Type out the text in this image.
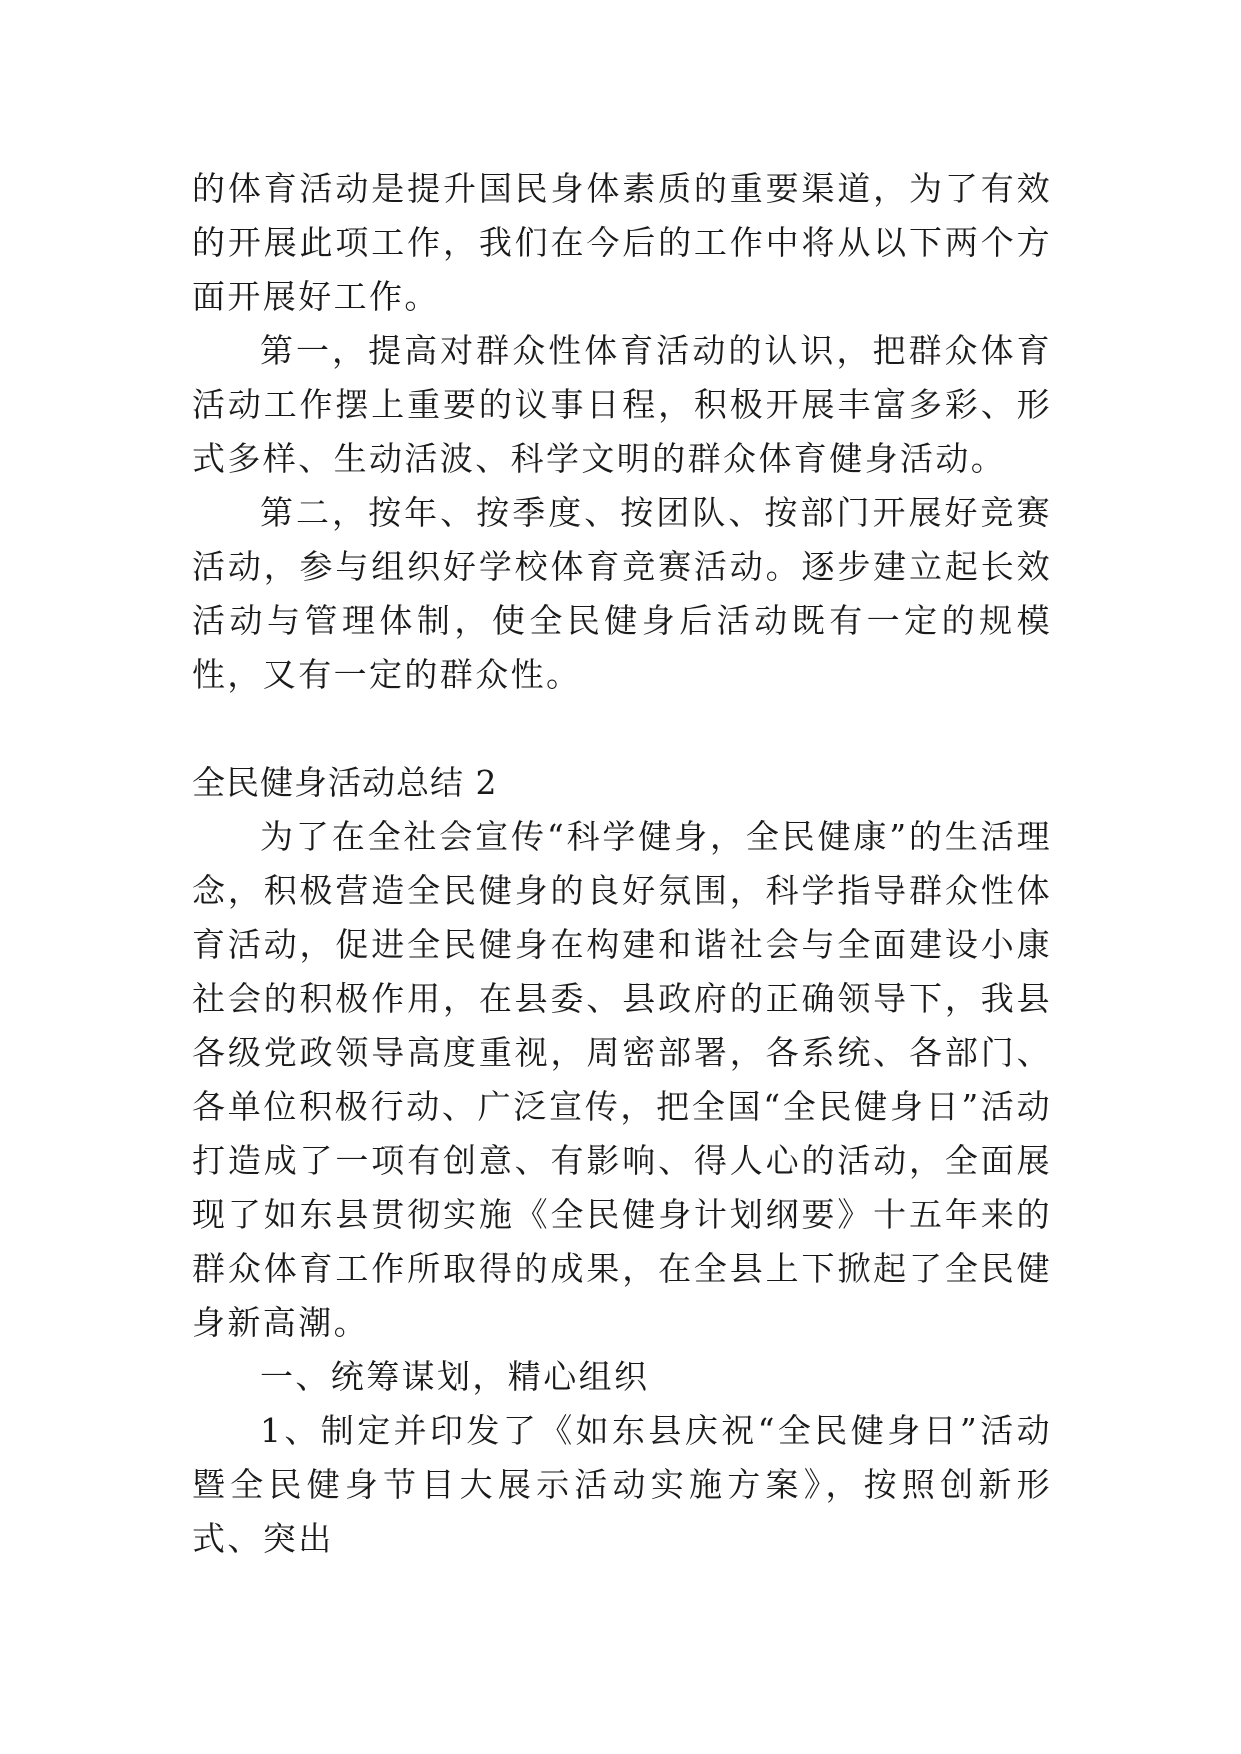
的体育活动是提升国民身体素质的重要渠道，为了有效的开展此项工作，我们在今后的工作中将从以下两个方面开展好工作。

第一，提高对群众性体育活动的认识，把群众体育活动工作摆上重要的议事日程，积极开展丰富多彩、形式多样、生动活波、科学文明的群众体育健身活动。

第二，按年、按季度、按团队、按部门开展好竞赛活动，参与组织好学校体育竞赛活动。逐步建立起长效活动与管理体制，使全民健身后活动既有一定的规模性，又有一定的群众性。

全民健身活动总结 2

为了在全社会宣传“科学健身，全民健康”的生活理念，积极营造全民健身的良好氛围，科学指导群众性体育活动，促进全民健身在构建和谐社会与全面建设小康社会的积极作用，在县委、县政府的正确领导下，我县各级党政领导高度重视，周密部署，各系统、各部门、各单位积极行动、广泛宣传，把全国“全民健身日”活动打造成了一项有创意、有影响、得人心的活动，全面展现了如东县贯彻实施《全民健身计划纲要》十五年来的群众体育工作所取得的成果，在全县上下掀起了全民健身新高潮。

一、统筹谋划，精心组织

1、制定并印发了《如东县庆祝“全民健身日”活动暨全民健身节目大展示活动实施方案》，按照创新形式、突出
